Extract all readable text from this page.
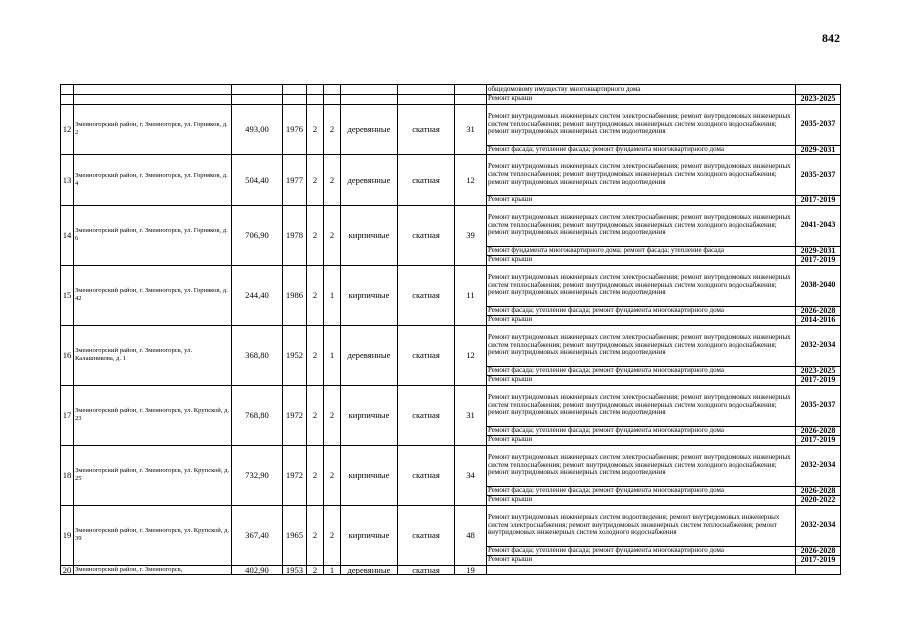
842
									общедомовому имуществу многоквартирного дома	
									Ремонт крыши	2023-2025
12	Змеиногорский район, г. Змеиногорск, ул. Горняков, д. 2	493,00	1976	2	2	деревянные	скатная	31	Ремонт внутридомовых инженерных систем электроснабжения; ремонт внутридомовых инженерных систем теплоснабжения; ремонт внутридомовых инженерных систем холодного водоснабжения; ремонт внутридомовых инженерных систем водоотведения	2035-2037
									Ремонт фасада; утепление фасада; ремонт фундамента многоквартирного дома	2029-2031
13	Змеиногорский район, г. Змеиногорск, ул. Горняков, д. 4	504,40	1977	2	2	деревянные	скатная	12	Ремонт внутридомовых инженерных систем электроснабжения; ремонт внутридомовых инженерных систем теплоснабжения; ремонт внутридомовых инженерных систем холодного водоснабжения; ремонт внутридомовых инженерных систем водоотведения	2035-2037
									Ремонт крыши	2017-2019
14	Змеиногорский район, г. Змеиногорск, ул. Горняков, д. 6	706,90	1978	2	2	кирпичные	скатная	39	Ремонт внутридомовых инженерных систем электроснабжения; ремонт внутридомовых инженерных систем теплоснабжения; ремонт внутридомовых инженерных систем холодного водоснабжения; ремонт внутридомовых инженерных систем водоотведения	2041-2043
									Ремонт фундамента многоквартирного дома; ремонт фасада; утепление фасада	2029-2031
									Ремонт крыши	2017-2019
15	Змеиногорский район, г. Змеиногорск, ул. Горняков, д. 42	244,40	1986	2	1	кирпичные	скатная	11	Ремонт внутридомовых инженерных систем электроснабжения; ремонт внутридомовых инженерных систем теплоснабжения; ремонт внутридомовых инженерных систем холодного водоснабжения; ремонт внутридомовых инженерных систем водоотведения	2038-2040
									Ремонт фасада; утепление фасада; ремонт фундамента многоквартирного дома	2026-2028
									Ремонт крыши	2014-2016
16	Змеиногорский район, г. Змеиногорск, ул. Калашникова, д. 1	368,80	1952	2	1	деревянные	скатная	12	Ремонт внутридомовых инженерных систем электроснабжения; ремонт внутридомовых инженерных систем теплоснабжения; ремонт внутридомовых инженерных систем холодного водоснабжения; ремонт внутридомовых инженерных систем водоотведения	2032-2034
									Ремонт фасада; утепление фасада; ремонт фундамента многоквартирного дома	2023-2025
									Ремонт крыши	2017-2019
17	Змеиногорский район, г. Змеиногорск, ул. Крупской, д. 23	768,80	1972	2	2	кирпичные	скатная	31	Ремонт внутридомовых инженерных систем электроснабжения; ремонт внутридомовых инженерных систем теплоснабжения; ремонт внутридомовых инженерных систем холодного водоснабжения; ремонт внутридомовых инженерных систем водоотведения	2035-2037
									Ремонт фасада; утепление фасада; ремонт фундамента многоквартирного дома	2026-2028
									Ремонт крыши	2017-2019
18	Змеиногорский район, г. Змеиногорск, ул. Крупской, д. 25	732,90	1972	2	2	кирпичные	скатная	34	Ремонт внутридомовых инженерных систем электроснабжения; ремонт внутридомовых инженерных систем теплоснабжения; ремонт внутридомовых инженерных систем холодного водоснабжения; ремонт внутридомовых инженерных систем водоотведения	2032-2034
									Ремонт фасада; утепление фасада; ремонт фундамента многоквартирного дома	2026-2028
									Ремонт крыши	2020-2022
19	Змеиногорский район, г. Змеиногорск, ул. Крупской, д. 39	367,40	1965	2	2	кирпичные	скатная	48	Ремонт внутридомовых инженерных систем водоотведения; ремонт внутридомовых инженерных систем электроснабжения; ремонт внутридомовых инженерных систем теплоснабжения; ремонт внутридомовых инженерных систем холодного водоснабжения	2032-2034
									Ремонт фасада; утепление фасада; ремонт фундамента многоквартирного дома	2026-2028
									Ремонт крыши	2017-2019
20	Змеиногорский район, г. Змеиногорск,	402,90	1953	2	1	деревянные	скатная	19		
